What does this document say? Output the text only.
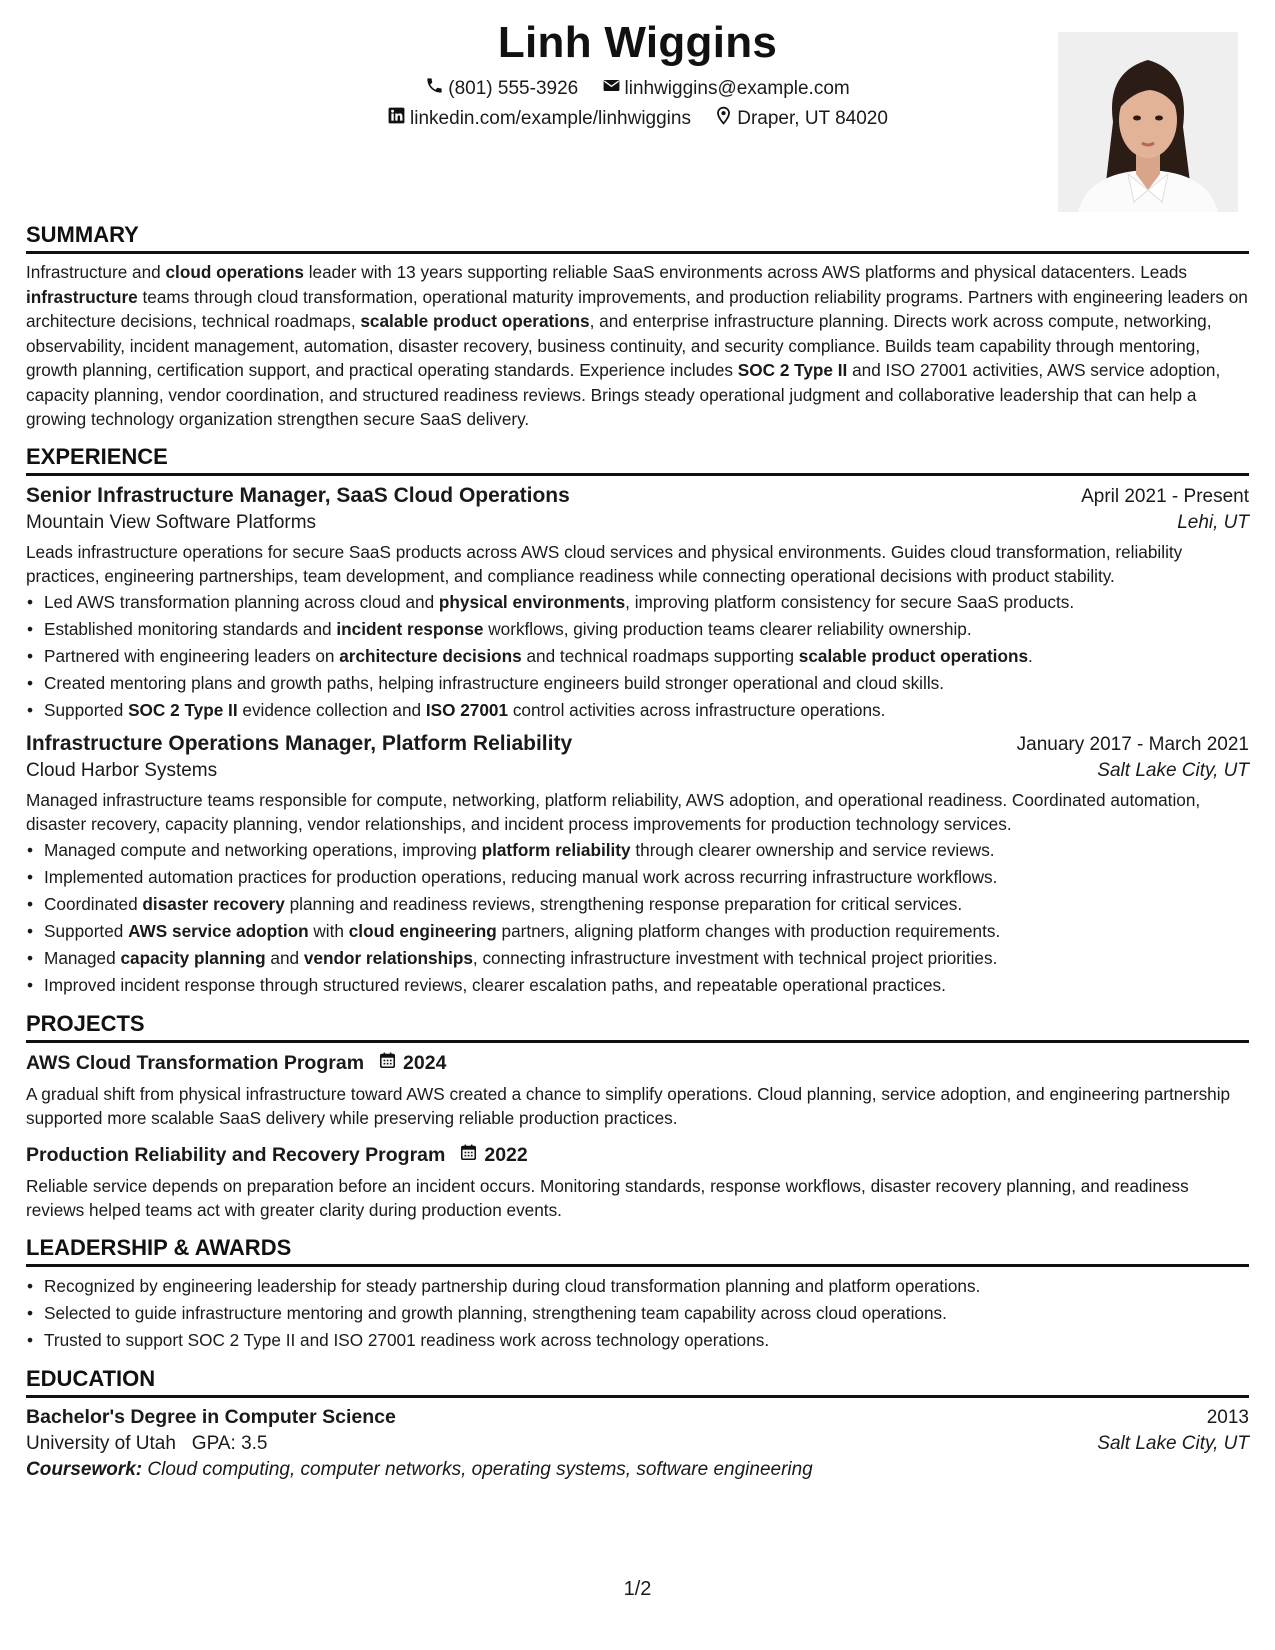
Linh Wiggins
(801) 555-3926
linhwiggins@example.com
linkedin.com/example/linhwiggins
Draper, UT 84020
SUMMARY

Infrastructure and cloud operations leader with 13 years supporting reliable SaaS environments across AWS platforms and physical datacenters. Leads infrastructure teams through cloud transformation, operational maturity improvements, and production reliability programs. Partners with engineering leaders on architecture decisions, technical roadmaps, scalable product operations, and enterprise infrastructure planning. Directs work across compute, networking, observability, incident management, automation, disaster recovery, business continuity, and security compliance. Builds team capability through mentoring, growth planning, certification support, and practical operating standards. Experience includes SOC 2 Type II and ISO 27001 activities, AWS service adoption, capacity planning, vendor coordination, and structured readiness reviews. Brings steady operational judgment and collaborative leadership that can help a growing technology organization strengthen secure SaaS delivery.

EXPERIENCE
Senior Infrastructure Manager, SaaS Cloud Operations	April 2021 - Present
Mountain View Software Platforms	Lehi, UT

Leads infrastructure operations for secure SaaS products across AWS cloud services and physical environments. Guides cloud transformation, reliability practices, engineering partnerships, team development, and compliance readiness while connecting operational decisions with product stability.

• Led AWS transformation planning across cloud and physical environments, improving platform consistency for secure SaaS products.
• Established monitoring standards and incident response workflows, giving production teams clearer reliability ownership.
• Partnered with engineering leaders on architecture decisions and technical roadmaps supporting scalable product operations.
• Created mentoring plans and growth paths, helping infrastructure engineers build stronger operational and cloud skills.
• Supported SOC 2 Type II evidence collection and ISO 27001 control activities across infrastructure operations.
Infrastructure Operations Manager, Platform Reliability	January 2017 - March 2021
Cloud Harbor Systems	Salt Lake City, UT

Managed infrastructure teams responsible for compute, networking, platform reliability, AWS adoption, and operational readiness. Coordinated automation, disaster recovery, capacity planning, vendor relationships, and incident process improvements for production technology services.

• Managed compute and networking operations, improving platform reliability through clearer ownership and service reviews.
• Implemented automation practices for production operations, reducing manual work across recurring infrastructure workflows.
• Coordinated disaster recovery planning and readiness reviews, strengthening response preparation for critical services.
• Supported AWS service adoption with cloud engineering partners, aligning platform changes with production requirements.
• Managed capacity planning and vendor relationships, connecting infrastructure investment with technical project priorities.
• Improved incident response through structured reviews, clearer escalation paths, and repeatable operational practices.
PROJECTS
AWS Cloud Transformation Program 2024

A gradual shift from physical infrastructure toward AWS created a chance to simplify operations. Cloud planning, service adoption, and engineering partnership supported more scalable SaaS delivery while preserving reliable production practices.

Production Reliability and Recovery Program 2022

Reliable service depends on preparation before an incident occurs. Monitoring standards, response workflows, disaster recovery planning, and readiness reviews helped teams act with greater clarity during production events.

LEADERSHIP & AWARDS
• Recognized by engineering leadership for steady partnership during cloud transformation planning and platform operations.
• Selected to guide infrastructure mentoring and growth planning, strengthening team capability across cloud operations.
• Trusted to support SOC 2 Type II and ISO 27001 readiness work across technology operations.
EDUCATION
Bachelor's Degree in Computer Science	2013
University of Utah GPA: 3.5	Salt Lake City, UT
Coursework: Cloud computing, computer networks, operating systems, software engineering
1/2
